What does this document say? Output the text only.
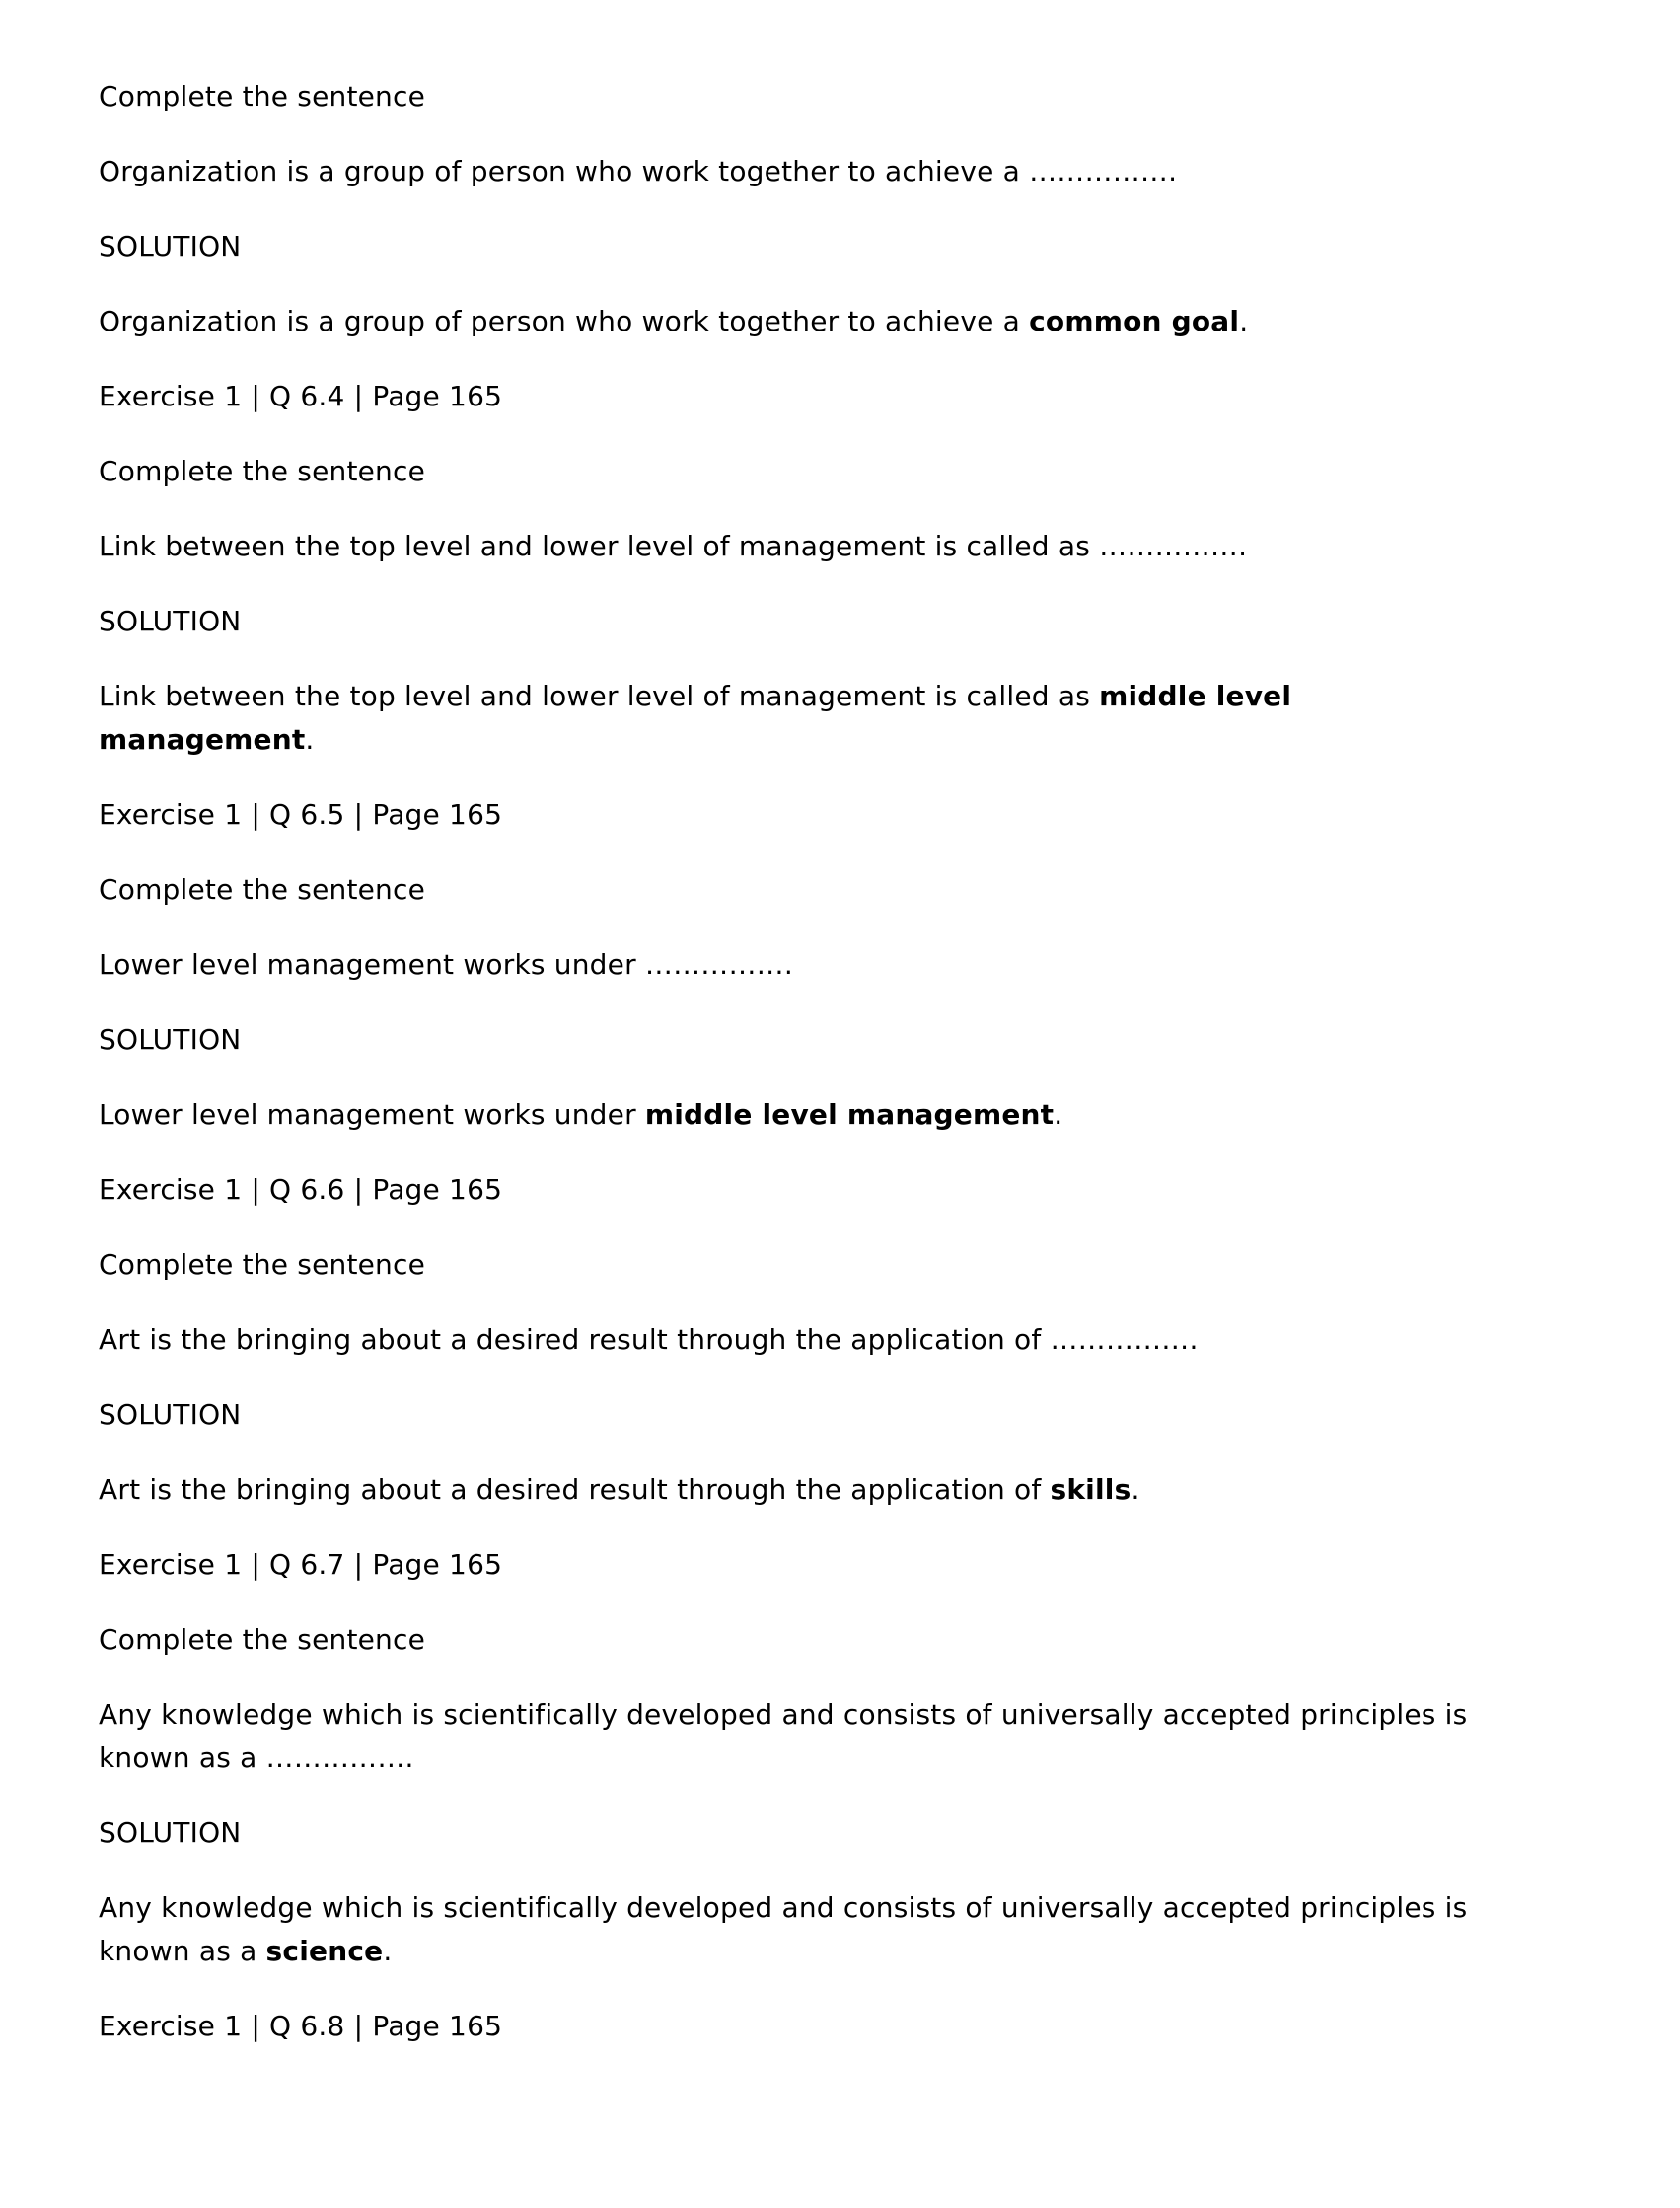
Complete the sentence

Organization is a group of person who work together to achieve a …………….

SOLUTION

Organization is a group of person who work together to achieve a common goal.

Exercise 1 | Q 6.4 | Page 165

Complete the sentence

Link between the top level and lower level of management is called as …………….

SOLUTION

Link between the top level and lower level of management is called as middle level management.

Exercise 1 | Q 6.5 | Page 165

Complete the sentence

Lower level management works under …………….

SOLUTION

Lower level management works under middle level management.

Exercise 1 | Q 6.6 | Page 165

Complete the sentence

Art is the bringing about a desired result through the application of …………….

SOLUTION

Art is the bringing about a desired result through the application of skills.

Exercise 1 | Q 6.7 | Page 165

Complete the sentence

Any knowledge which is scientifically developed and consists of universally accepted principles is known as a …………….

SOLUTION

Any knowledge which is scientifically developed and consists of universally accepted principles is known as a science.

Exercise 1 | Q 6.8 | Page 165
